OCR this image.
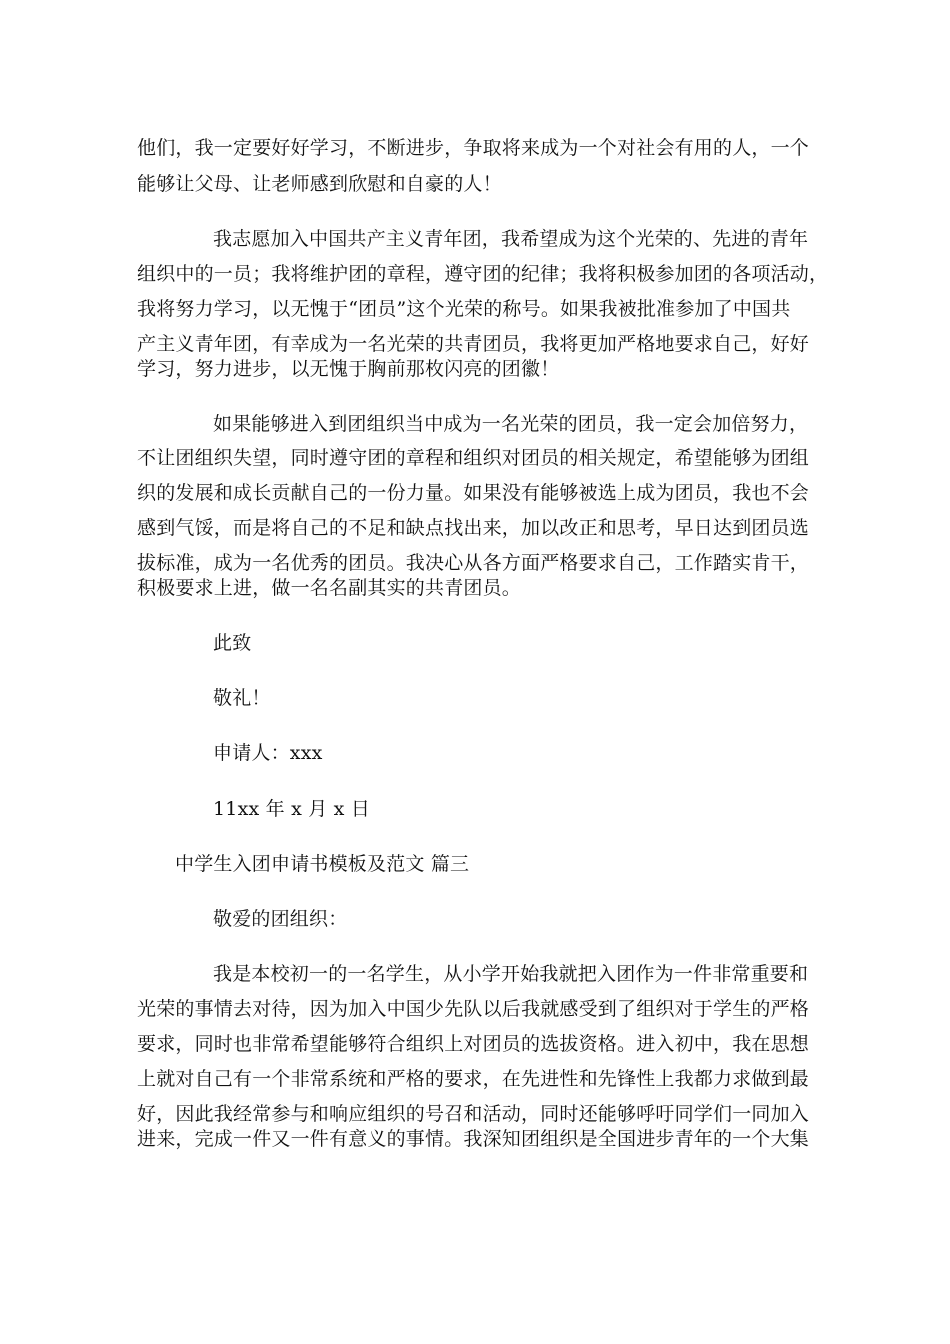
他们，我一定要好好学习，不断进步，争取将来成为一个对社会有用的人，一个
能够让父母、让老师感到欣慰和自豪的人！
我志愿加入中国共产主义青年团，我希望成为这个光荣的、先进的青年
组织中的一员；我将维护团的章程，遵守团的纪律；我将积极参加团的各项活动，
我将努力学习，以无愧于“团员”这个光荣的称号。如果我被批准参加了中国共
产主义青年团，有幸成为一名光荣的共青团员，我将更加严格地要求自己，好好
学习，努力进步，以无愧于胸前那枚闪亮的团徽！
如果能够进入到团组织当中成为一名光荣的团员，我一定会加倍努力，
不让团组织失望，同时遵守团的章程和组织对团员的相关规定，希望能够为团组
织的发展和成长贡献自己的一份力量。如果没有能够被选上成为团员，我也不会
感到气馁，而是将自己的不足和缺点找出来，加以改正和思考，早日达到团员选
拔标准，成为一名优秀的团员。我决心从各方面严格要求自己，工作踏实肯干，
积极要求上进，做一名名副其实的共青团员。
此致
敬礼！
申请人：xxx
11xx 年 x 月 x 日
中学生入团申请书模板及范文 篇三
敬爱的团组织：
我是本校初一的一名学生，从小学开始我就把入团作为一件非常重要和
光荣的事情去对待，因为加入中国少先队以后我就感受到了组织对于学生的严格
要求，同时也非常希望能够符合组织上对团员的选拔资格。进入初中，我在思想
上就对自己有一个非常系统和严格的要求，在先进性和先锋性上我都力求做到最
好，因此我经常参与和响应组织的号召和活动，同时还能够呼吁同学们一同加入
进来，完成一件又一件有意义的事情。我深知团组织是全国进步青年的一个大集
